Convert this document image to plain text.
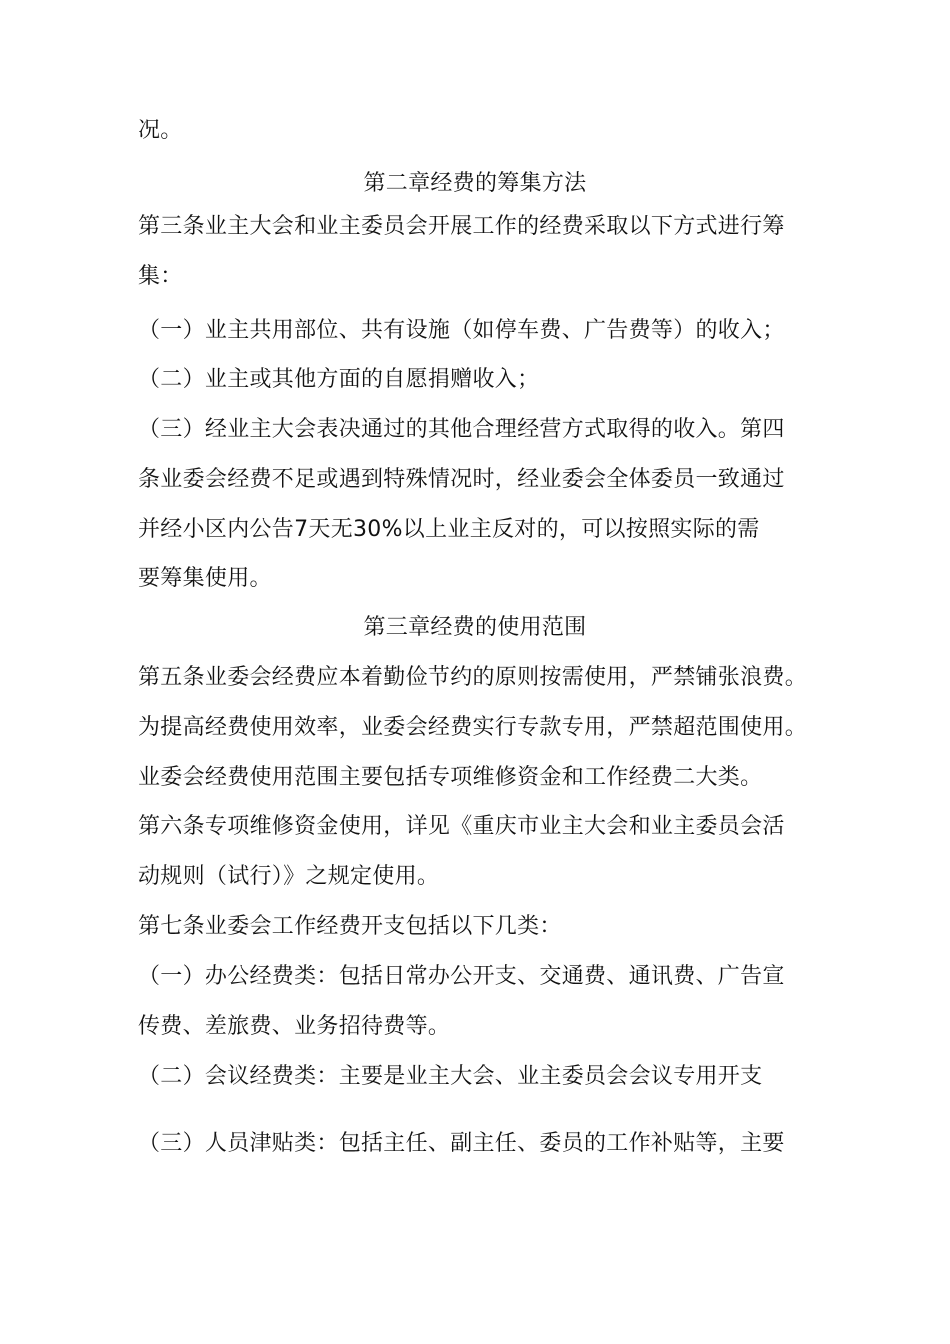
况。
第二章经费的筹集方法
第三条业主大会和业主委员会开展工作的经费采取以下方式进行筹
集：
（一）业主共用部位、共有设施（如停车费、广告费等）的收入；
（二）业主或其他方面的自愿捐赠收入；
（三）经业主大会表决通过的其他合理经营方式取得的收入。第四
条业委会经费不足或遇到特殊情况时，经业委会全体委员一致通过
并经小区内公告7天无30%以上业主反对的，可以按照实际的需
要筹集使用。
第三章经费的使用范围
第五条业委会经费应本着勤俭节约的原则按需使用，严禁铺张浪费。
为提高经费使用效率，业委会经费实行专款专用，严禁超范围使用。
业委会经费使用范围主要包括专项维修资金和工作经费二大类。
第六条专项维修资金使用，详见《重庆市业主大会和业主委员会活
动规则（试行）》之规定使用。
第七条业委会工作经费开支包括以下几类：
（一）办公经费类：包括日常办公开支、交通费、通讯费、广告宣
传费、差旅费、业务招待费等。
（二）会议经费类：主要是业主大会、业主委员会会议专用开支
（三）人员津贴类：包括主任、副主任、委员的工作补贴等，主要
